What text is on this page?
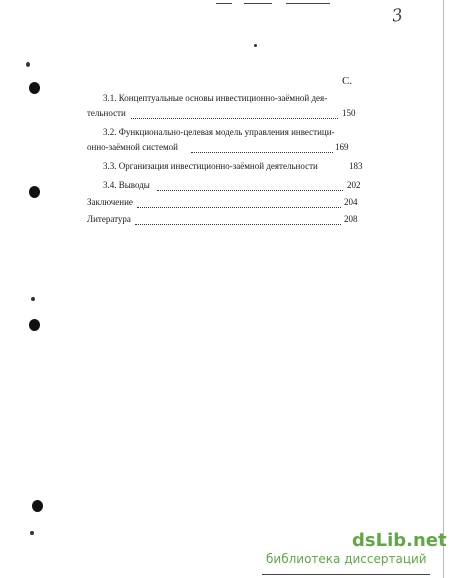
3
С.
3.1. Концептуальные основы инвестиционно-заёмной дея-
тельности	150
3.2. Функционально-целевая модель управления инвестици-
онно-заёмной системой	169
3.3. Организация инвестиционно-заёмной деятельности	183
3.4. Выводы	202
Заключение	204
Литература	208
dsLib.net
библиотека диссертаций
